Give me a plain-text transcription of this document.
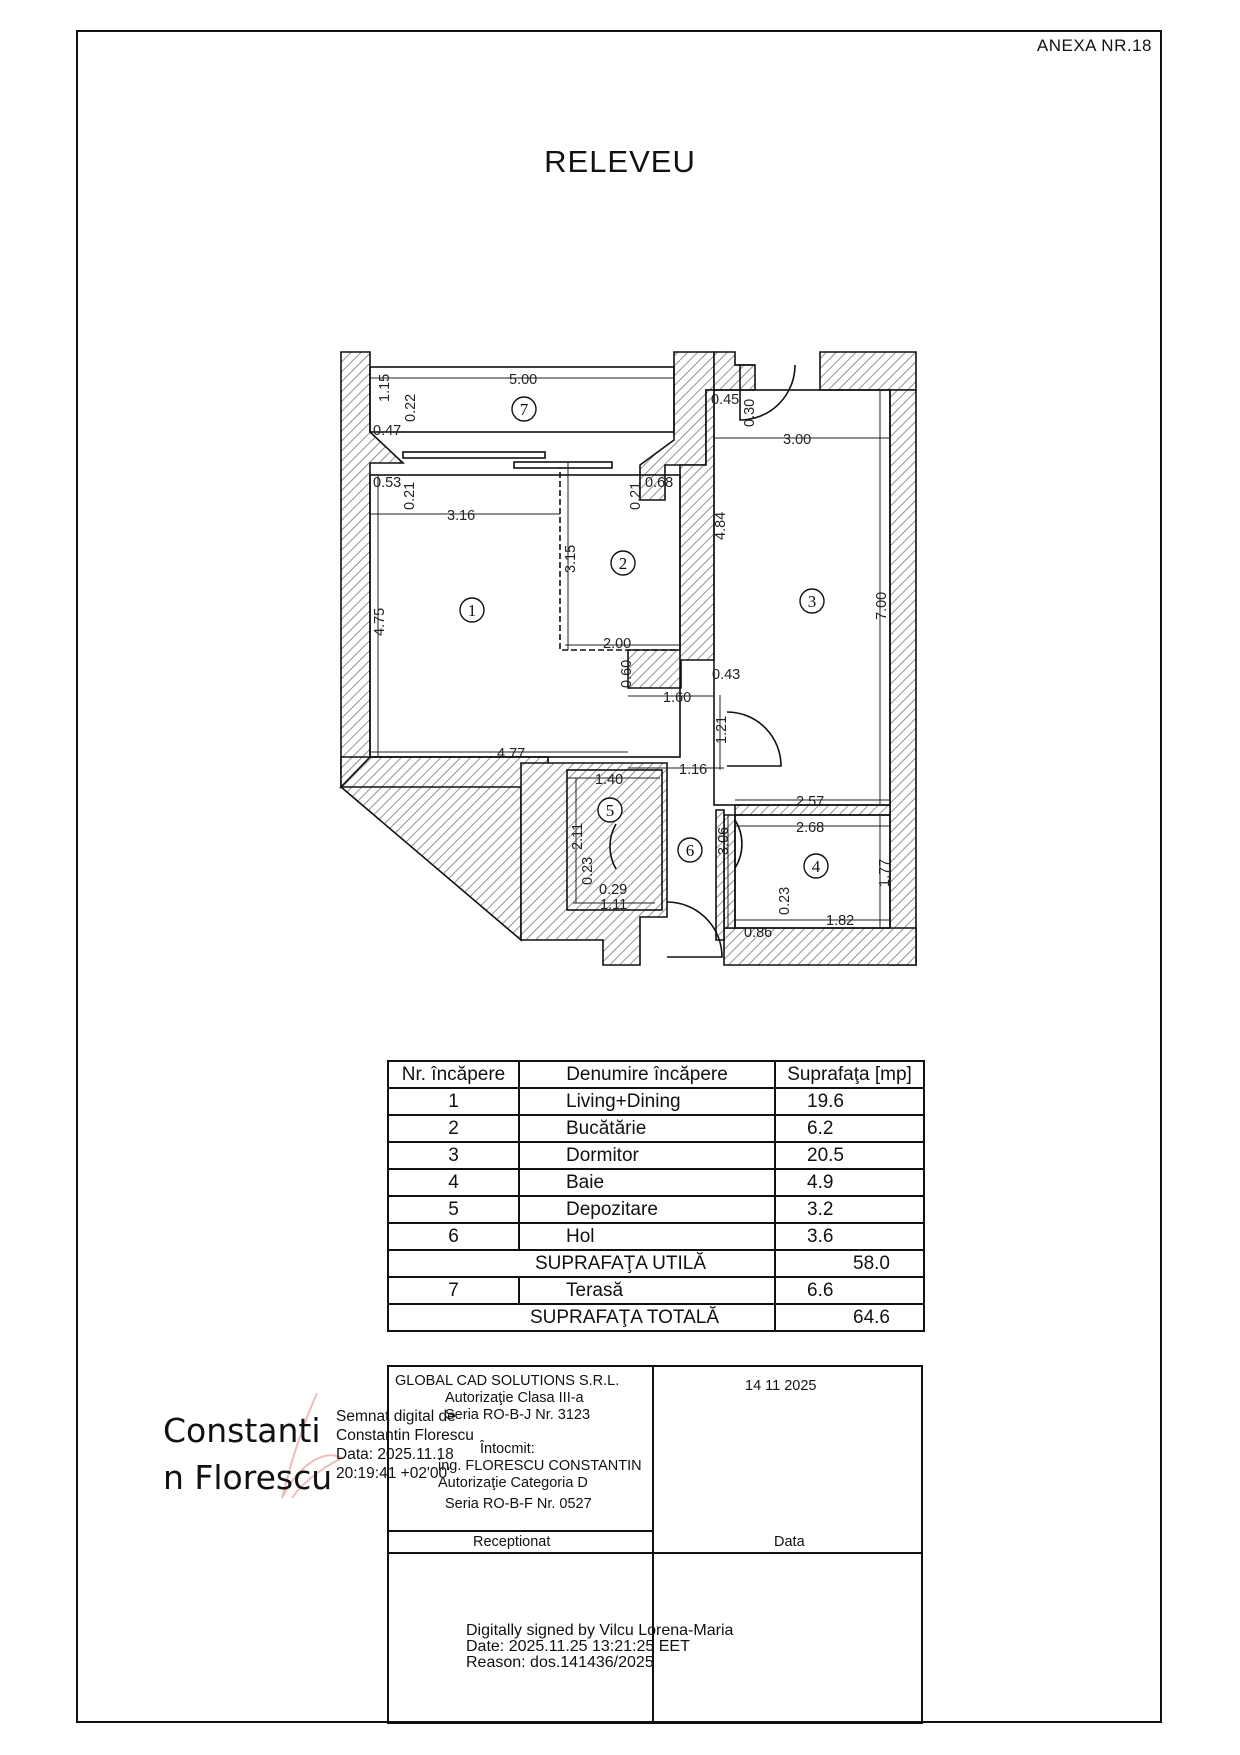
ANEXA NR.18
RELEVEU
7
1
2
3
4
5
6
5.00
1.15
0.22
0.47
0.53 0.21
3.16
0.21 0.68
0.45 0.30
3.00
4.84
7.00
3.15
4.75
2.00
0.60	0.43
1.60
1.21
4.77
1.16
1.40
2.11
0.23
0.29
1.11
3.06
2.57
2.68
1.77
0.23
0.86
1.82
Nr. încăpere	Denumire încăpere	Suprafaţa [mp]
1	Living+Dining	19.6
2	Bucătărie	6.2
3	Dormitor	20.5
4	Baie	4.9
5	Depozitare	3.2
6	Hol	3.6
SUPRAFAŢA UTILĂ		58.0
7	Terasă	6.6
SUPRAFAŢA TOTALĂ		64.6
GLOBAL CAD SOLUTIONS S.R.L.
Autorizaţie Clasa III-a
Seria RO-B-J Nr. 3123
Întocmit:
ing. FLORESCU CONSTANTIN
Autorizaţie Categoria D
Seria RO-B-F Nr. 0527
14 11 2025
Receptionat	Data
Constanti
n Florescu
Semnat digital de
Constantin Florescu
Data: 2025.11.18
20:19:41 +02'00'
Digitally signed by Vilcu Lorena-Maria
Date: 2025.11.25 13:21:25 EET
Reason: dos.141436/2025
